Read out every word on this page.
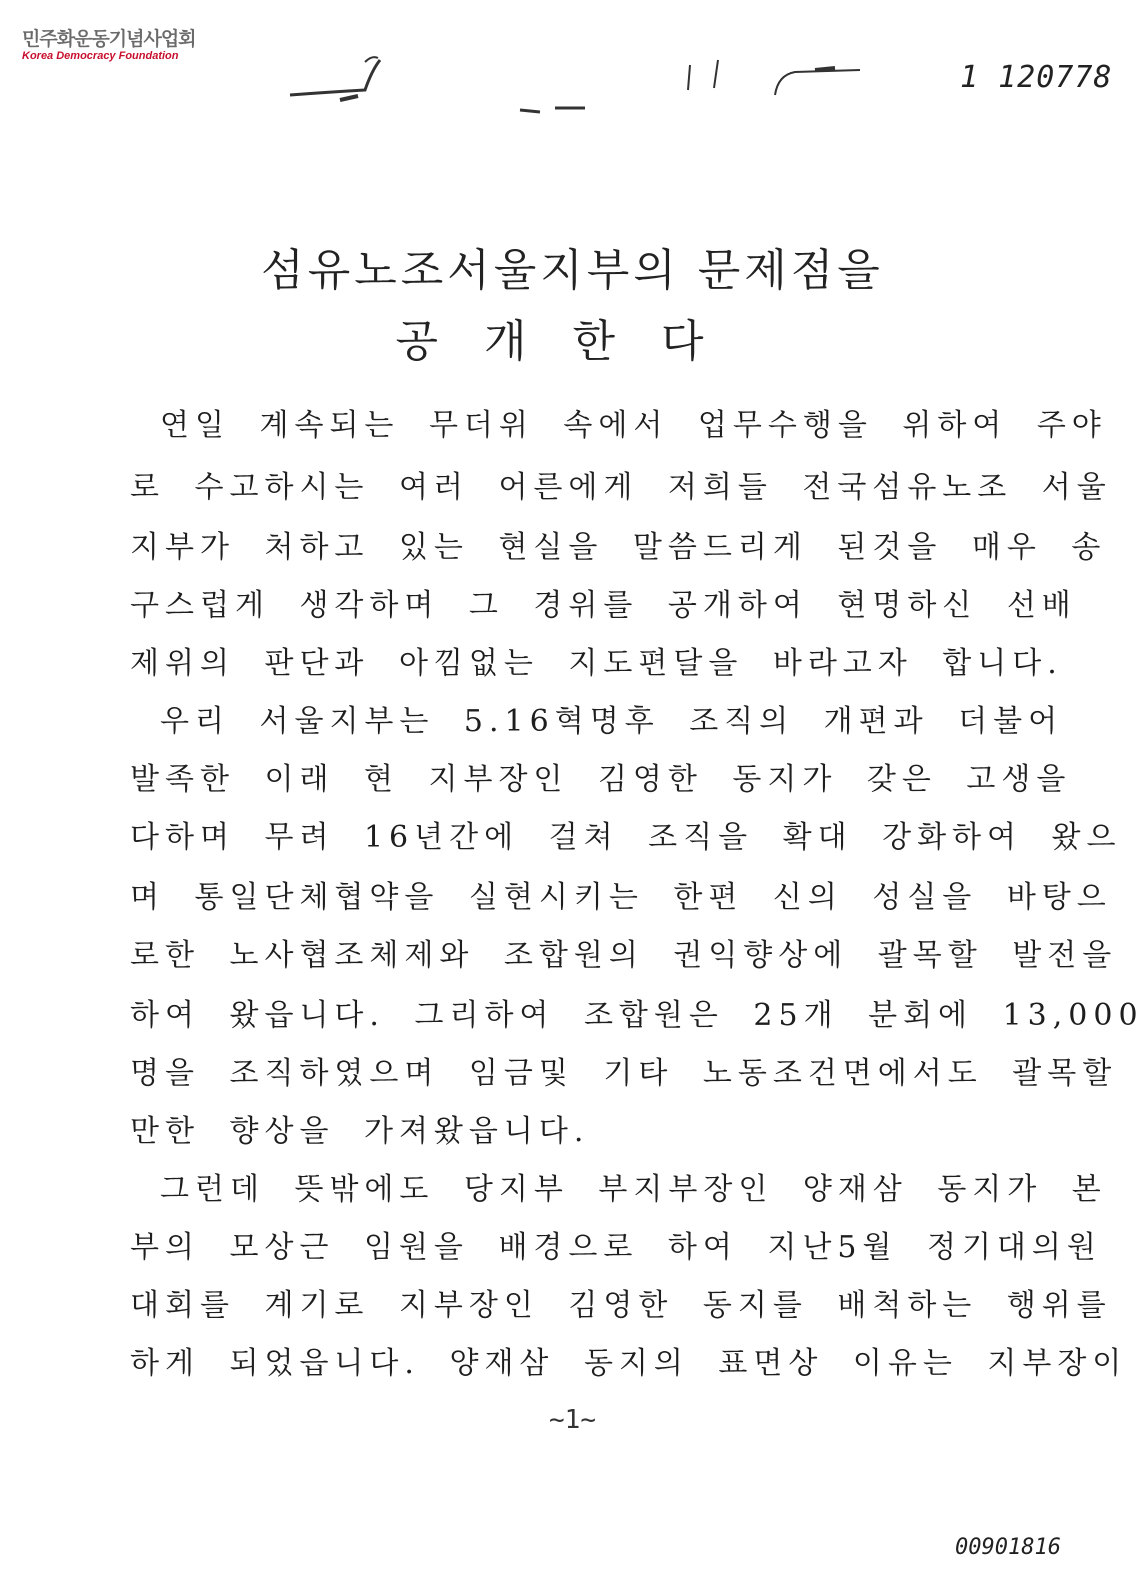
민주화운동기념사업회
Korea Democracy Foundation
1 120778
섬유노조서울지부의 문제점을
공개한다
연일 계속되는 무더위 속에서 업무수행을 위하여 주야
로 수고하시는 여러 어른에게 저희들 전국섬유노조 서울
지부가 처하고 있는 현실을 말씀드리게 된것을 매우 송
구스럽게 생각하며 그 경위를 공개하여 현명하신 선배
제위의 판단과 아낌없는 지도편달을 바라고자 합니다.
우리 서울지부는 5.16혁명후 조직의 개편과 더불어
발족한 이래 현 지부장인 김영한 동지가 갖은 고생을
다하며 무려 16년간에 걸쳐 조직을 확대 강화하여 왔으
며 통일단체협약을 실현시키는 한편 신의 성실을 바탕으
로한 노사협조체제와 조합원의 권익향상에 괄목할 발전을
하여 왔읍니다. 그리하여 조합원은 25개 분회에 13,000
명을 조직하였으며 임금및 기타 노동조건면에서도 괄목할
만한 향상을 가져왔읍니다.
그런데 뜻밖에도 당지부 부지부장인 양재삼 동지가 본
부의 모상근 임원을 배경으로 하여 지난5월 정기대의원
대회를 계기로 지부장인 김영한 동지를 배척하는 행위를
하게 되었읍니다. 양재삼 동지의 표면상 이유는 지부장이
~1~
00901816
